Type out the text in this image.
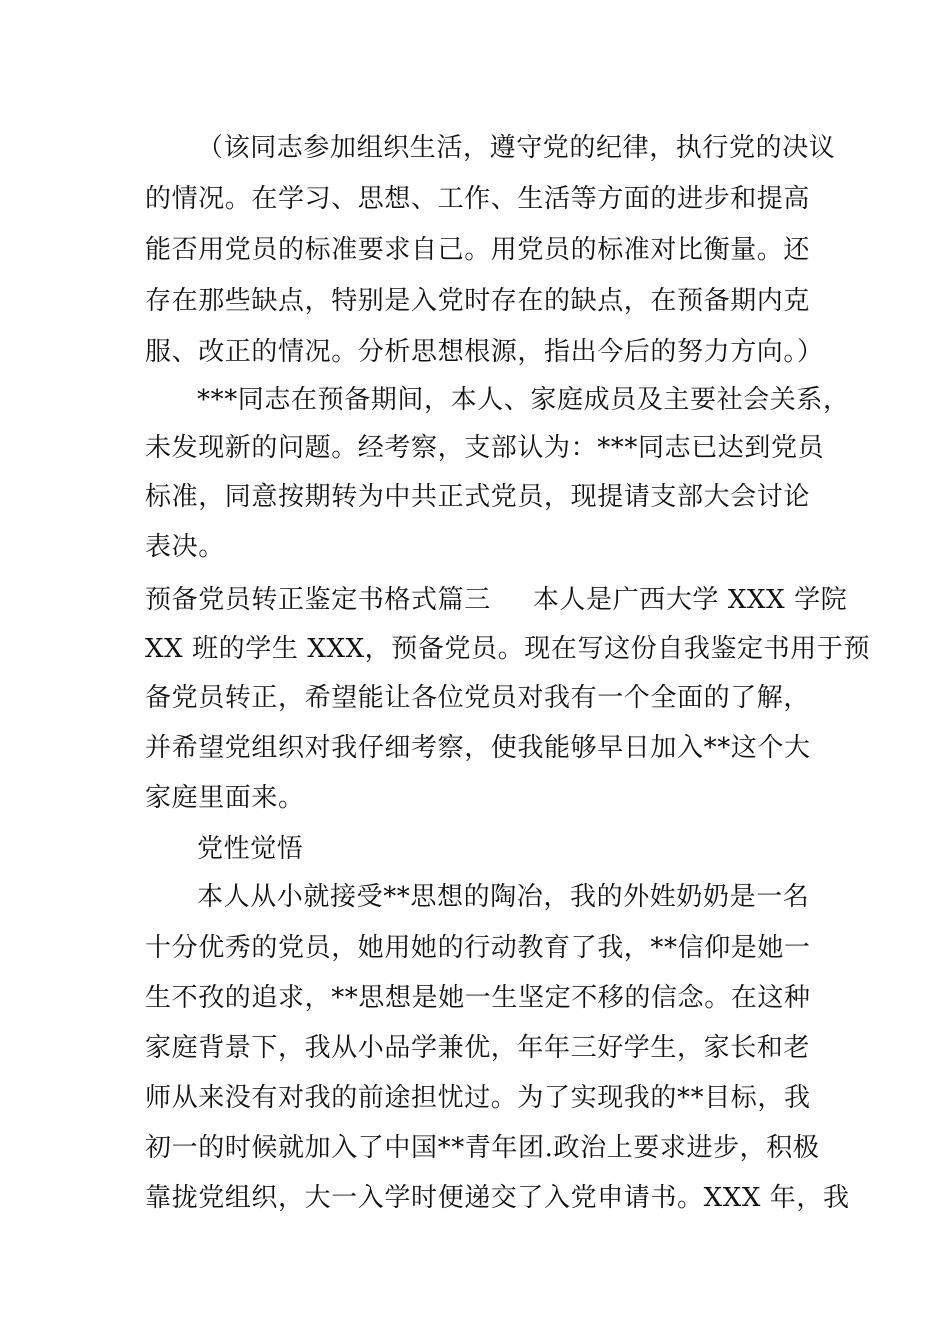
（该同志参加组织生活，遵守党的纪律，执行党的决议

的情况。在学习、思想、工作、生活等方面的进步和提高

能否用党员的标准要求自己。用党员的标准对比衡量。还

存在那些缺点，特别是入党时存在的缺点，在预备期内克

服、改正的情况。分析思想根源，指出今后的努力方向。）

***同志在预备期间，本人、家庭成员及主要社会关系，

未发现新的问题。经考察，支部认为：***同志已达到党员

标准，同意按期转为中共正式党员，现提请支部大会讨论

表决。

预备党员转正鉴定书格式篇三 本人是广西大学 XXX 学院

XX 班的学生 XXX，预备党员。现在写这份自我鉴定书用于预

备党员转正，希望能让各位党员对我有一个全面的了解，

并希望党组织对我仔细考察，使我能够早日加入**这个大

家庭里面来。

党性觉悟

本人从小就接受**思想的陶冶，我的外姓奶奶是一名

十分优秀的党员，她用她的行动教育了我，**信仰是她一

生不孜的追求，**思想是她一生坚定不移的信念。在这种

家庭背景下，我从小品学兼优，年年三好学生，家长和老

师从来没有对我的前途担忧过。为了实现我的**目标，我

初一的时候就加入了中国**青年团.政治上要求进步，积极

靠拢党组织，大一入学时便递交了入党申请书。XXX 年，我
